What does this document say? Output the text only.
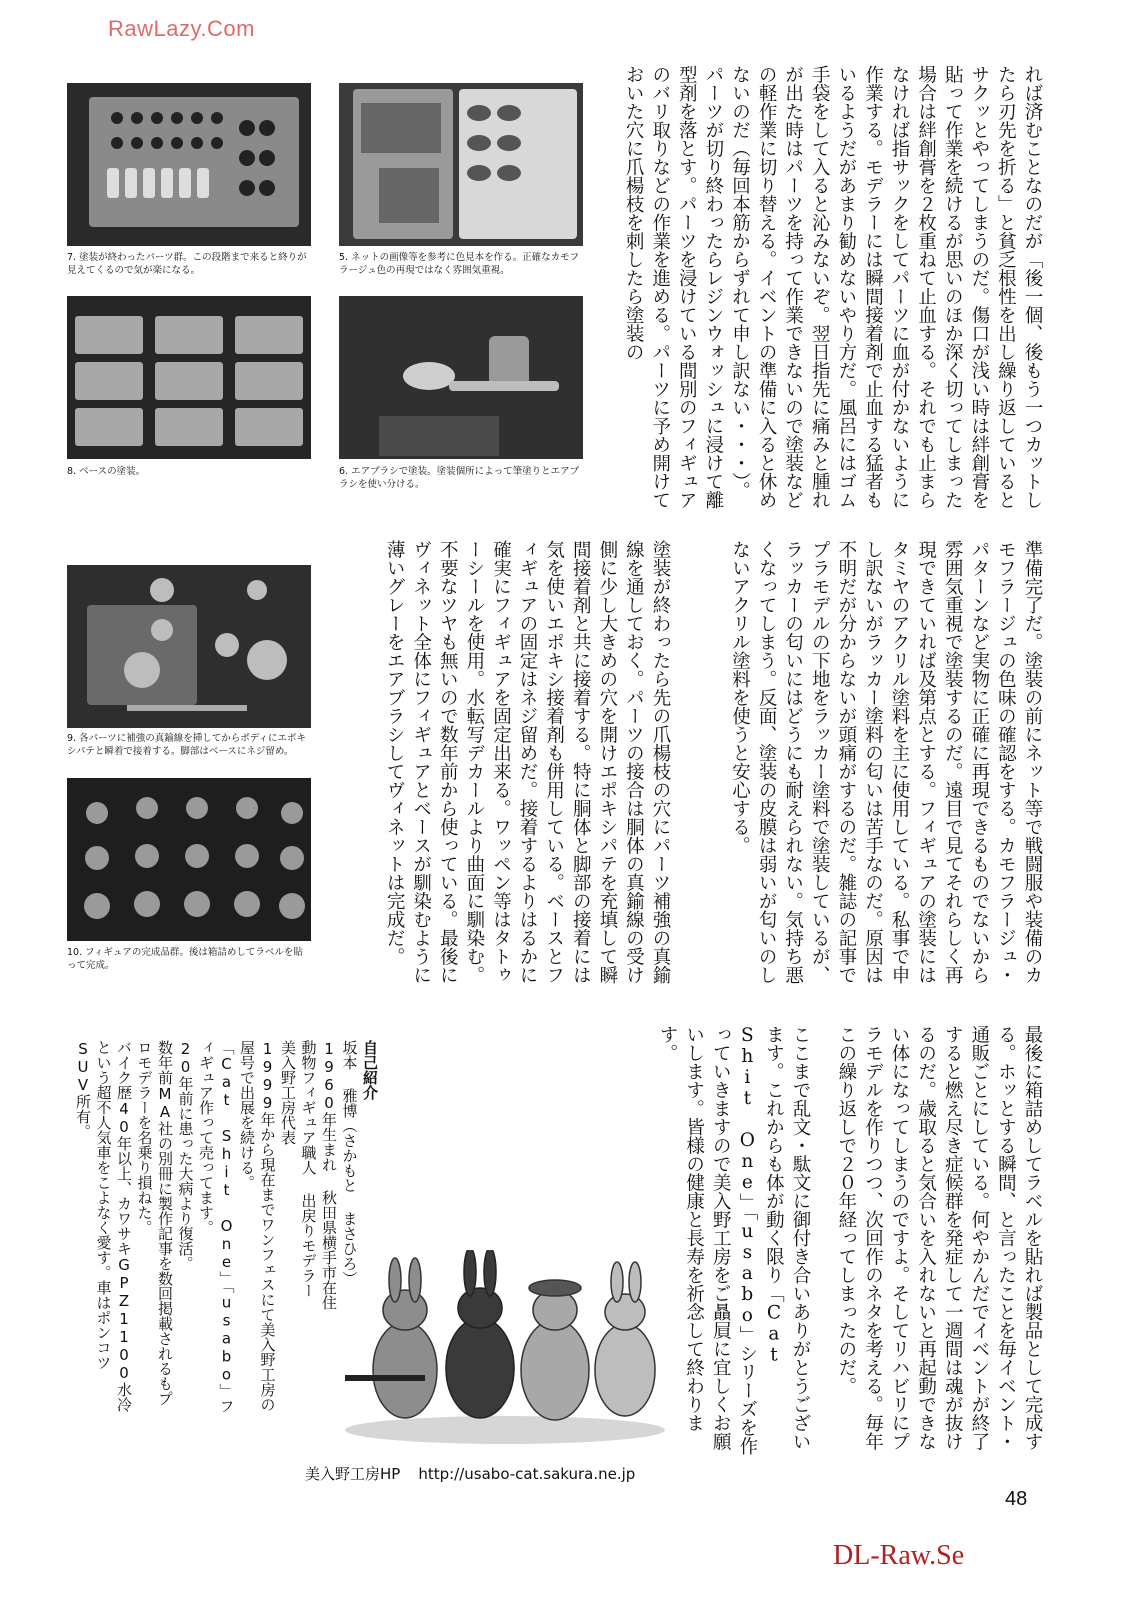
RawLazy.Com
DL-Raw.Se
48
7. 塗装が終わったパーツ群。この段階まで来ると終りが見えてくるので気が楽になる。
5. ネットの画像等を参考に色見本を作る。正確なカモフラージュ色の再現ではなく雰囲気重視。
8. ベースの塗装。	6. エアブラシで塗装。塗装個所によって筆塗りとエアブラシを使い分ける。
9. 各パーツに補強の真鍮線を挿してからボディにエポキシパテと瞬着で接着する。脚部はベースにネジ留め。
10. フィギュアの完成品群。後は箱詰めしてラベルを貼って完成。
れば済むことなのだが「後一個、後もう一つカットしたら刃先を折る」と貧乏根性を出し繰り返しているとサクッとやってしまうのだ。傷口が浅い時は絆創膏を貼って作業を続けるが思いのほか深く切ってしまった場合は絆創膏を２枚重ねて止血する。それでも止まらなければ指サックをしてパーツに血が付かないように作業する。モデラーには瞬間接着剤で止血する猛者もいるようだがあまり勧めないやり方だ。風呂にはゴム手袋をして入ると沁みないぞ。翌日指先に痛みと腫れが出た時はパーツを持って作業できないので塗装などの軽作業に切り替える。イベントの準備に入ると休めないのだ（毎回本筋からずれて申し訳ない・・・）。パーツが切り終わったらレジンウォッシュに浸けて離型剤を落とす。パーツを浸けている間別のフィギュアのバリ取りなどの作業を進める。パーツに予め開けておいた穴に爪楊枝を刺したら塗装の
準備完了だ。塗装の前にネット等で戦闘服や装備のカモフラージュの色味の確認をする。カモフラージュ・パターンなど実物に正確に再現できるものでないから雰囲気重視で塗装するのだ。遠目で見てそれらしく再現できていれば及第点とする。フィギュアの塗装にはタミヤのアクリル塗料を主に使用している。私事で申し訳ないがラッカー塗料の匂いは苦手なのだ。原因は不明だが分からないが頭痛がするのだ。雑誌の記事でプラモデルの下地をラッカー塗料で塗装しているが、ラッカーの匂いにはどうにも耐えられない。気持ち悪くなってしまう。反面、塗装の皮膜は弱いが匂いのしないアクリル塗料を使うと安心する。
塗装が終わったら先の爪楊枝の穴にパーツ補強の真鍮線を通しておく。パーツの接合は胴体の真鍮線の受け側に少し大きめの穴を開けエポキシパテを充填して瞬間接着剤と共に接着する。特に胴体と脚部の接着には気を使いエポキシ接着剤も併用している。ベースとフィギュアの固定はネジ留めだ。接着するよりはるかに確実にフィギュアを固定出来る。ワッペン等はタトゥーシールを使用。水転写デカールより曲面に馴染む。不要なツヤも無いので数年前から使っている。最後にヴィネット全体にフィギュアとベースが馴染むように薄いグレーをエアブラシしてヴィネットは完成だ。
最後に箱詰めしてラベルを貼れば製品として完成する。ホッとする瞬間、と言ったことを毎イベント・通販ごとにしている。何やかんだでイベントが終了すると燃え尽き症候群を発症して一週間は魂が抜けるのだ。歳取ると気合いを入れないと再起動できない体になってしまうのですよ。そしてリハビリにプラモデルを作りつつ、次回作のネタを考える。毎年この繰り返しで２０年経ってしまったのだ。
ここまで乱文・駄文に御付き合いありがとうございます。これからも体が動く限り「Cat Shit One」「usabo」シリーズを作っていきますので美入野工房をご贔屓に宜しくお願いします。皆様の健康と長寿を祈念して終わります。
自己紹介
坂本 雅博（さかもと まさひろ）
1960年生まれ 秋田県横手市在住
動物フィギュア職人 出戻りモデラー
美入野工房代表
1999年から現在までワンフェスにて美入野工房の屋号で出展を続ける。
「Cat Shit One」「usabo」フィギュア作って売ってます。
20年前に患った大病より復活。
数年前MA社の別冊に製作記事を数回掲載されるもプロモデラーを名乗り損ねた。
バイク歴40年以上、カワサキGPZ1100水冷という超不人気車をこよなく愛す。車はポンコツSUV所有。
美入野工房HP http://usabo-cat.sakura.ne.jp
